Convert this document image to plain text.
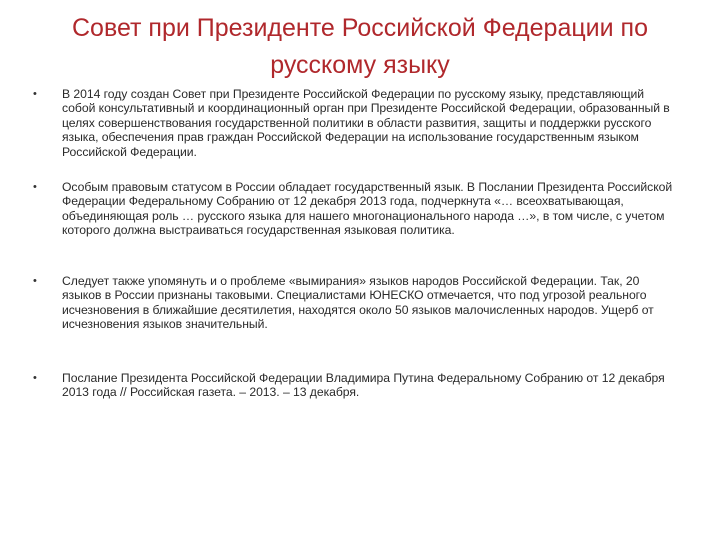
Совет при Президенте Российской Федерации по русскому языку
• В 2014 году создан Совет при Президенте Российской Федерации по русскому языку, представляющий собой консультативный и координационный орган при Президенте Российской Федерации, образованный в целях совершенствования государственной политики в области развития, защиты и поддержки русского языка, обеспечения прав граждан Российской Федерации на использование государственным языком Российской Федерации.
• Особым правовым статусом в России обладает государственный язык. В Послании Президента Российской Федерации Федеральному Собранию от 12 декабря 2013 года, подчеркнута «… всеохватывающая, объединяющая роль … русского языка для нашего многонационального народа …», в том числе, с учетом которого должна выстраиваться государственная языковая политика.
• Следует также упомянуть и о проблеме «вымирания» языков народов Российской Федерации. Так, 20 языков в России признаны таковыми. Специалистами ЮНЕСКО отмечается, что под угрозой реального исчезновения в ближайшие десятилетия, находятся около 50 языков малочисленных народов. Ущерб от исчезновения языков значительный.
• Послание Президента Российской Федерации Владимира Путина Федеральному Собранию от 12 декабря 2013 года // Российская газета. – 2013. – 13 декабря.
